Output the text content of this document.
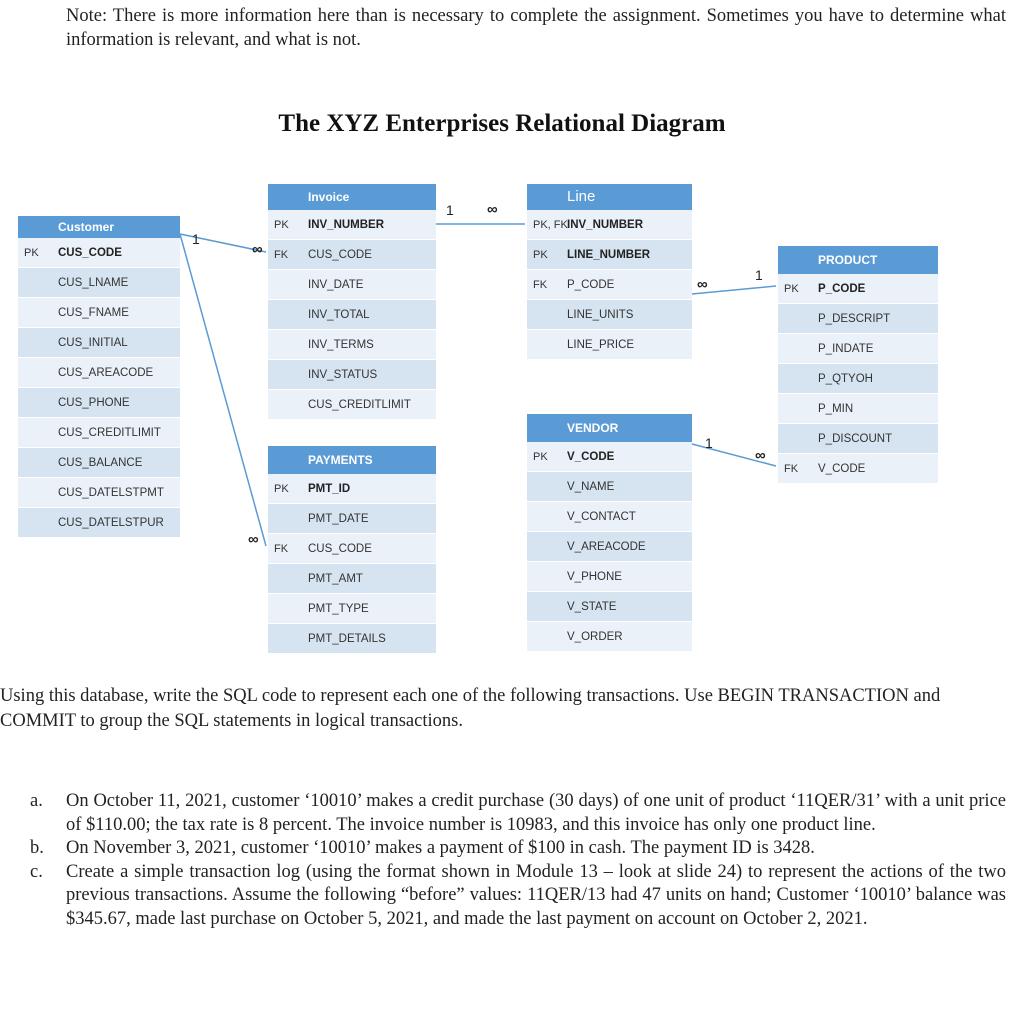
Note: There is more information here than is necessary to complete the assignment. Sometimes you have to determine what information is relevant, and what is not.
The XYZ Enterprises Relational Diagram
Customer
PK CUS_CODE
CUS_LNAME
CUS_FNAME
CUS_INITIAL
CUS_AREACODE
CUS_PHONE
CUS_CREDITLIMIT
CUS_BALANCE
CUS_DATELSTPMT
CUS_DATELSTPUR
Invoice
PK INV_NUMBER
FK CUS_CODE
INV_DATE
INV_TOTAL
INV_TERMS
INV_STATUS
CUS_CREDITLIMIT
Line
PK, FK INV_NUMBER
PK LINE_NUMBER
FK P_CODE
LINE_UNITS
LINE_PRICE
PRODUCT
PK P_CODE
P_DESCRIPT
P_INDATE
P_QTYOH
P_MIN
P_DISCOUNT
FK V_CODE
PAYMENTS
PK PMT_ID
PMT_DATE
FK CUS_CODE
PMT_AMT
PMT_TYPE
PMT_DETAILS
VENDOR
PK V_CODE
V_NAME
V_CONTACT
V_AREACODE
V_PHONE
V_STATE
V_ORDER
1
∞
∞
1 ∞
∞
1
1
∞
Using this database, write the SQL code to represent each one of the following transactions. Use BEGIN TRANSACTION and COMMIT to group the SQL statements in logical transactions.
a. On October 11, 2021, customer ‘10010’ makes a credit purchase (30 days) of one unit of product ‘11QER/31’ with a unit price of $110.00; the tax rate is 8 percent. The invoice number is 10983, and this invoice has only one product line.
b. On November 3, 2021, customer ‘10010’ makes a payment of $100 in cash. The payment ID is 3428.
c. Create a simple transaction log (using the format shown in Module 13 – look at slide 24) to represent the actions of the two previous transactions. Assume the following “before” values: 11QER/13 had 47 units on hand; Customer ‘10010’ balance was $345.67, made last purchase on October 5, 2021, and made the last payment on account on October 2, 2021.
